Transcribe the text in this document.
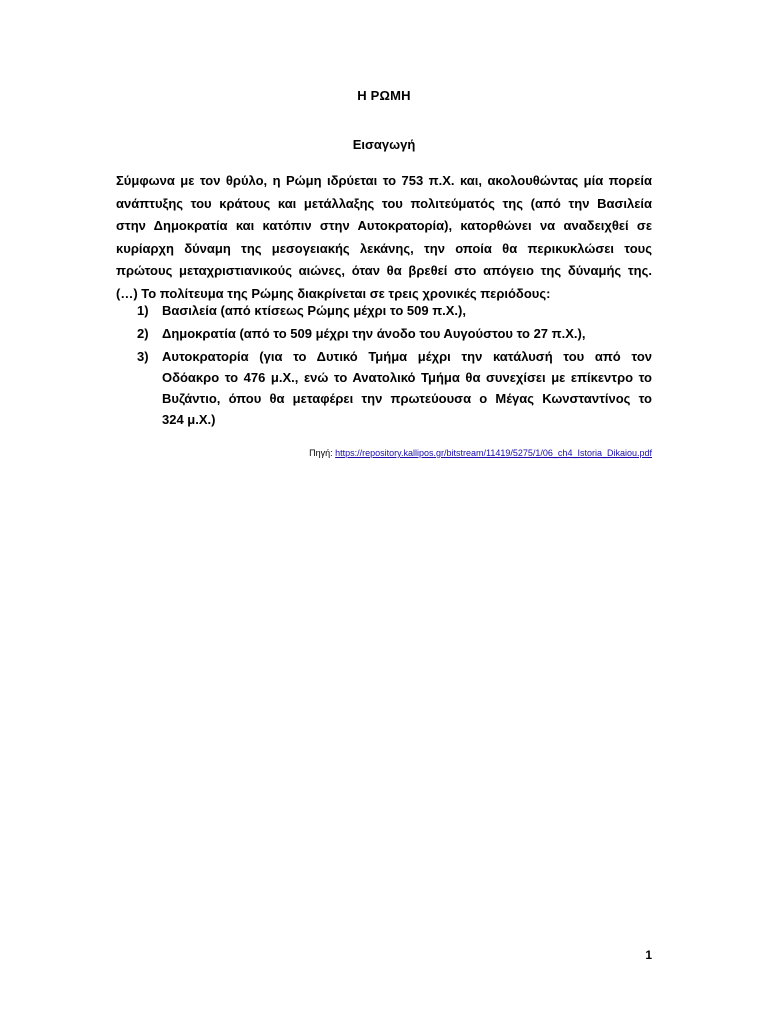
Η ΡΩΜΗ
Εισαγωγή
Σύμφωνα με τον θρύλο, η Ρώμη ιδρύεται το 753 π.Χ. και, ακολουθώντας μία πορεία
ανάπτυξης του κράτους και μετάλλαξης του πολιτεύματός της (από την Βασιλεία
στην Δημοκρατία και κατόπιν στην Αυτοκρατορία), κατορθώνει να αναδειχθεί σε
κυρίαρχη δύναμη της μεσογειακής λεκάνης, την οποία θα περικυκλώσει τους
πρώτους μεταχριστιανικούς αιώνες, όταν θα βρεθεί στο απόγειο της δύναμής της.
(…) Το πολίτευμα της Ρώμης διακρίνεται σε τρεις χρονικές περιόδους:
1) Βασιλεία (από κτίσεως Ρώμης μέχρι το 509 π.Χ.),
2) Δημοκρατία (από το 509 μέχρι την άνοδο του Αυγούστου το 27 π.Χ.),
3) Αυτοκρατορία (για το Δυτικό Τμήμα μέχρι την κατάλυσή του από τον
Οδόακρο το 476 μ.Χ., ενώ το Ανατολικό Τμήμα θα συνεχίσει με επίκεντρο το
Βυζάντιο, όπου θα μεταφέρει την πρωτεύουσα ο Μέγας Κωνσταντίνος το
324 μ.Χ.)
Πηγή: https://repository.kallipos.gr/bitstream/11419/5275/1/06_ch4_Istoria_Dikaiou.pdf
1
